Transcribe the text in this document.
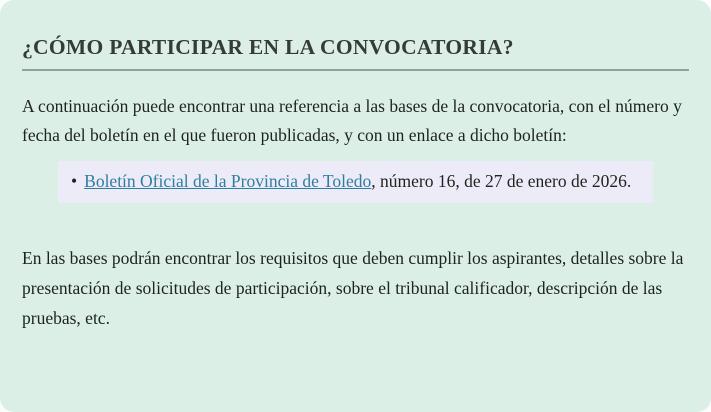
¿CÓMO PARTICIPAR EN LA CONVOCATORIA?

A continuación puede encontrar una referencia a las bases de la convocatoria, con el número y fecha del boletín en el que fueron publicadas, y con un enlace a dicho boletín:

• Boletín Oficial de la Provincia de Toledo, número 16, de 27 de enero de 2026.

En las bases podrán encontrar los requisitos que deben cumplir los aspirantes, detalles sobre la presentación de solicitudes de participación, sobre el tribunal calificador, descripción de las pruebas, etc.
